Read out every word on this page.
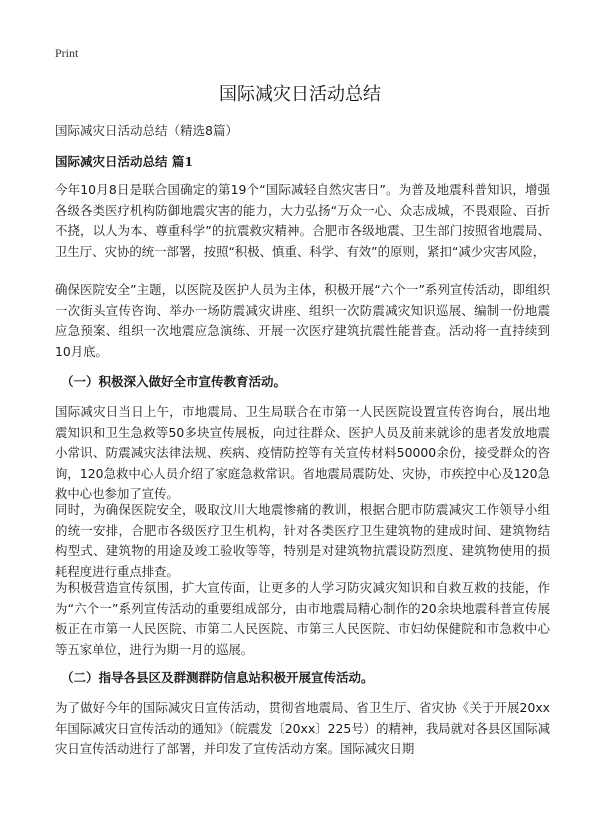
Print
国际减灾日活动总结

国际减灾日活动总结（精选8篇）

国际减灾日活动总结 篇1

今年10月8日是联合国确定的第19个“国际减轻自然灾害日”。为普及地震科普知识，增强各级各类医疗机构防御地震灾害的能力，大力弘扬“万众一心、众志成城，不畏艰险、百折不挠，以人为本、尊重科学”的抗震救灾精神。合肥市各级地震、卫生部门按照省地震局、卫生厅、灾协的统一部署，按照“积极、慎重、科学、有效”的原则，紧扣“减少灾害风险，

确保医院安全”主题，以医院及医护人员为主体，积极开展“六个一”系列宣传活动，即组织一次街头宣传咨询、举办一场防震减灾讲座、组织一次防震减灾知识巡展、编制一份地震应急预案、组织一次地震应急演练、开展一次医疗建筑抗震性能普查。活动将一直持续到10月底。

（一）积极深入做好全市宣传教育活动。

国际减灾日当日上午，市地震局、卫生局联合在市第一人民医院设置宣传咨询台，展出地震知识和卫生急救等50多块宣传展板，向过往群众、医护人员及前来就诊的患者发放地震小常识、防震减灾法律法规、疾病、疫情防控等有关宣传材料50000余份，接受群众的咨询，120急救中心人员介绍了家庭急救常识。省地震局震防处、灾协，市疾控中心及120急救中心也参加了宣传。

同时，为确保医院安全，吸取汶川大地震惨痛的教训，根据合肥市防震减灾工作领导小组的统一安排，合肥市各级医疗卫生机构，针对各类医疗卫生建筑物的建成时间、建筑物结构型式、建筑物的用途及竣工验收等等，特别是对建筑物抗震设防烈度、建筑物使用的损耗程度进行重点排查。

为积极营造宣传氛围，扩大宣传面，让更多的人学习防灾减灾知识和自救互救的技能，作为“六个一”系列宣传活动的重要组成部分，由市地震局精心制作的20余块地震科普宣传展板正在市第一人民医院、市第二人民医院、市第三人民医院、市妇幼保健院和市急救中心等五家单位，进行为期一月的巡展。

（二）指导各县区及群测群防信息站积极开展宣传活动。

为了做好今年的国际减灾日宣传活动，贯彻省地震局、省卫生厅、省灾协《关于开展20xx年国际减灾日宣传活动的通知》（皖震发〔20xx〕225号）的精神，我局就对各县区国际减灾日宣传活动进行了部署，并印发了宣传活动方案。国际减灾日期
